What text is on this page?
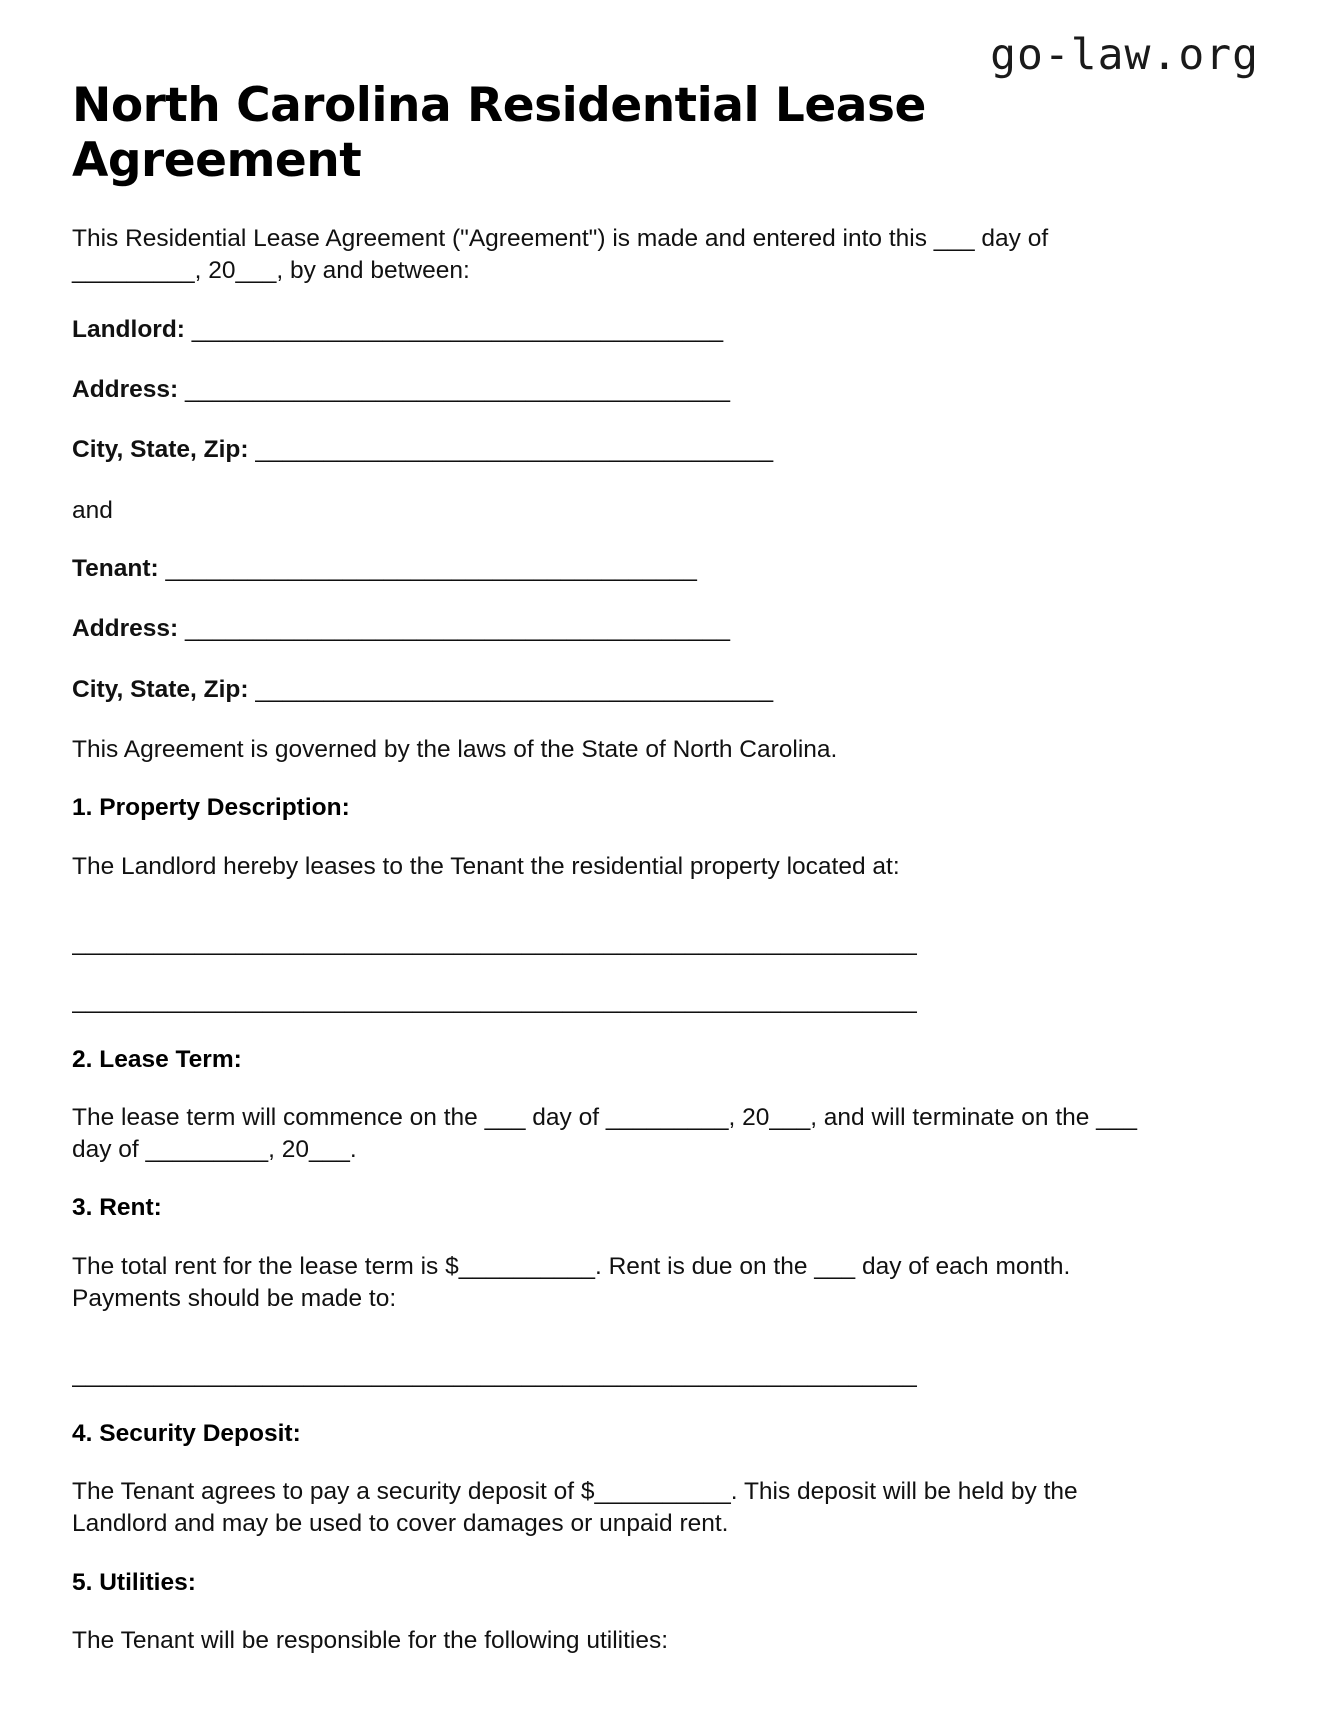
go-law.org
North Carolina Residential Lease Agreement

This Residential Lease Agreement ("Agreement") is made and entered into this ___ day of _________, 20___, by and between:

Landlord: _______________________________________
Address: ________________________________________
City, State, Zip: ______________________________________

and

Tenant: _______________________________________
Address: ________________________________________
City, State, Zip: ______________________________________

This Agreement is governed by the laws of the State of North Carolina.

1. Property Description:

The Landlord hereby leases to the Tenant the residential property located at:

______________________________________________________________
______________________________________________________________
2. Lease Term:

The lease term will commence on the ___ day of _________, 20___, and will terminate on the ___ day of _________, 20___.

3. Rent:

The total rent for the lease term is $__________. Rent is due on the ___ day of each month. Payments should be made to:

______________________________________________________________
4. Security Deposit:

The Tenant agrees to pay a security deposit of $__________. This deposit will be held by the Landlord and may be used to cover damages or unpaid rent.

5. Utilities:

The Tenant will be responsible for the following utilities:
